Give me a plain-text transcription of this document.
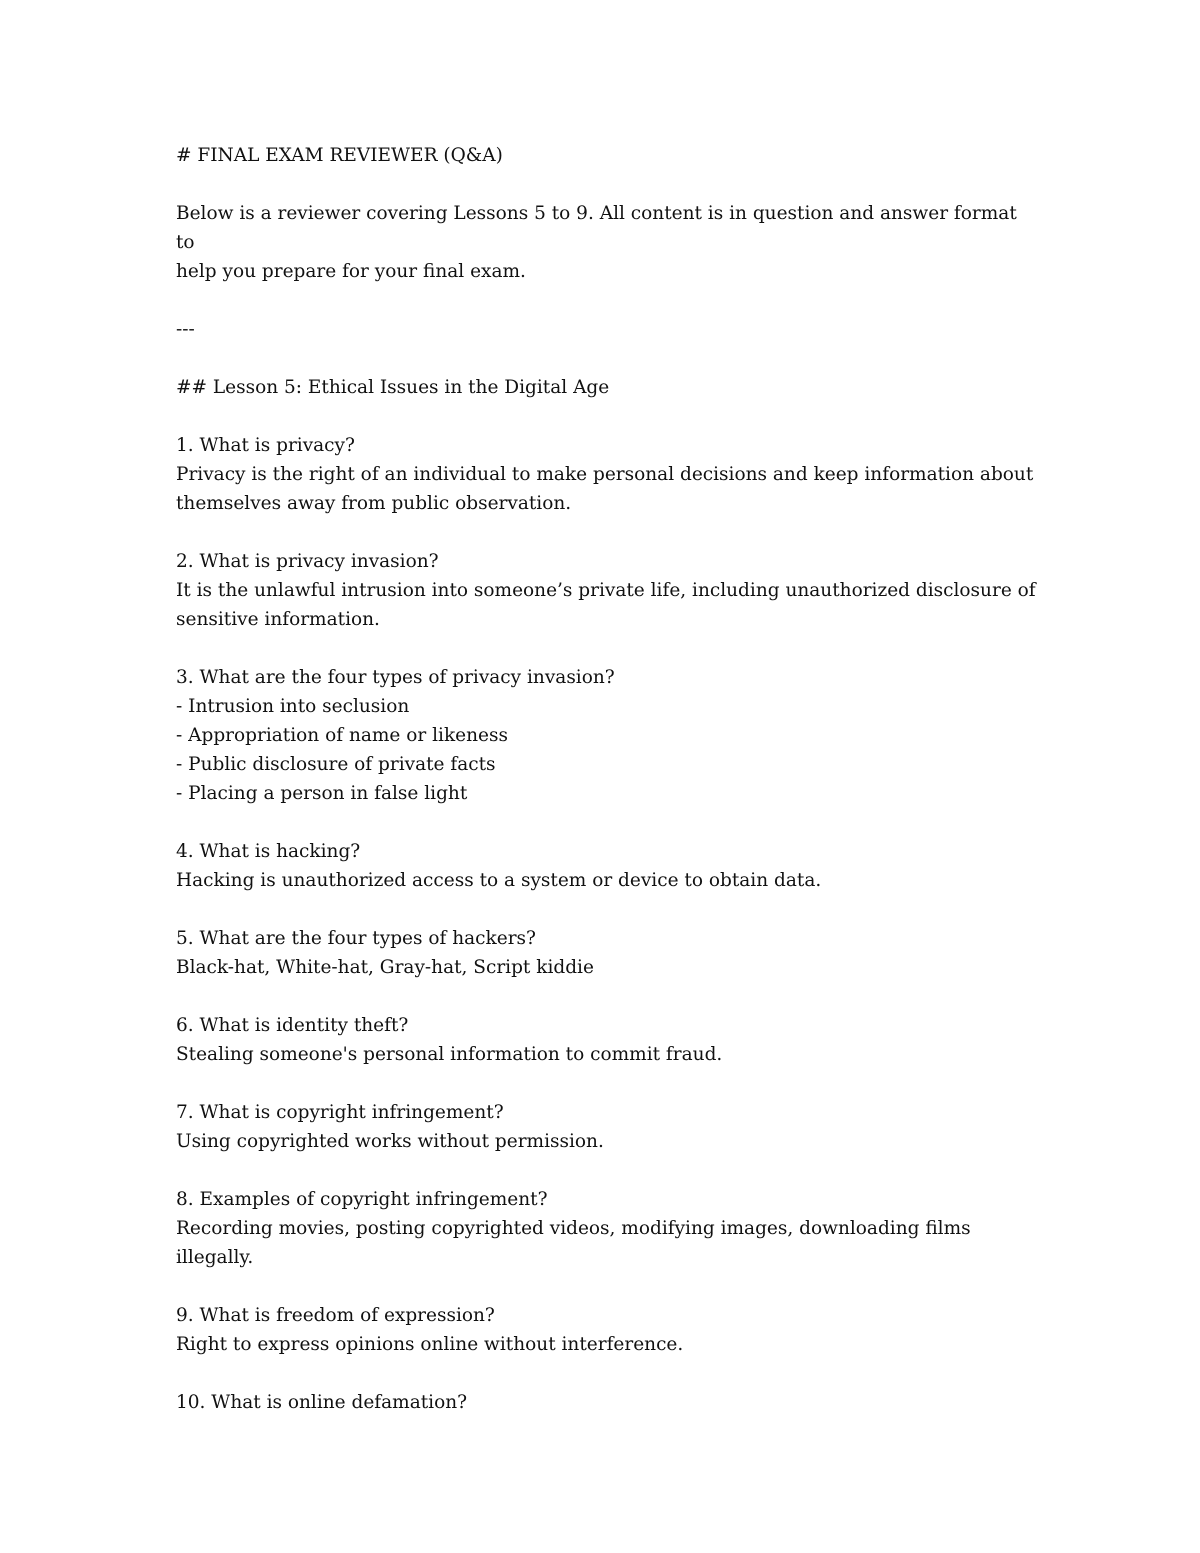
# FINAL EXAM REVIEWER (Q&A)
Below is a reviewer covering Lessons 5 to 9. All content is in question and answer format to
help you prepare for your final exam.
---
## Lesson 5: Ethical Issues in the Digital Age
1. What is privacy?
Privacy is the right of an individual to make personal decisions and keep information about
themselves away from public observation.
2. What is privacy invasion?
It is the unlawful intrusion into someone’s private life, including unauthorized disclosure of
sensitive information.
3. What are the four types of privacy invasion?
- Intrusion into seclusion
- Appropriation of name or likeness
- Public disclosure of private facts
- Placing a person in false light
4. What is hacking?
Hacking is unauthorized access to a system or device to obtain data.
5. What are the four types of hackers?
Black-hat, White-hat, Gray-hat, Script kiddie
6. What is identity theft?
Stealing someone's personal information to commit fraud.
7. What is copyright infringement?
Using copyrighted works without permission.
8. Examples of copyright infringement?
Recording movies, posting copyrighted videos, modifying images, downloading films
illegally.
9. What is freedom of expression?
Right to express opinions online without interference.
10. What is online defamation?
